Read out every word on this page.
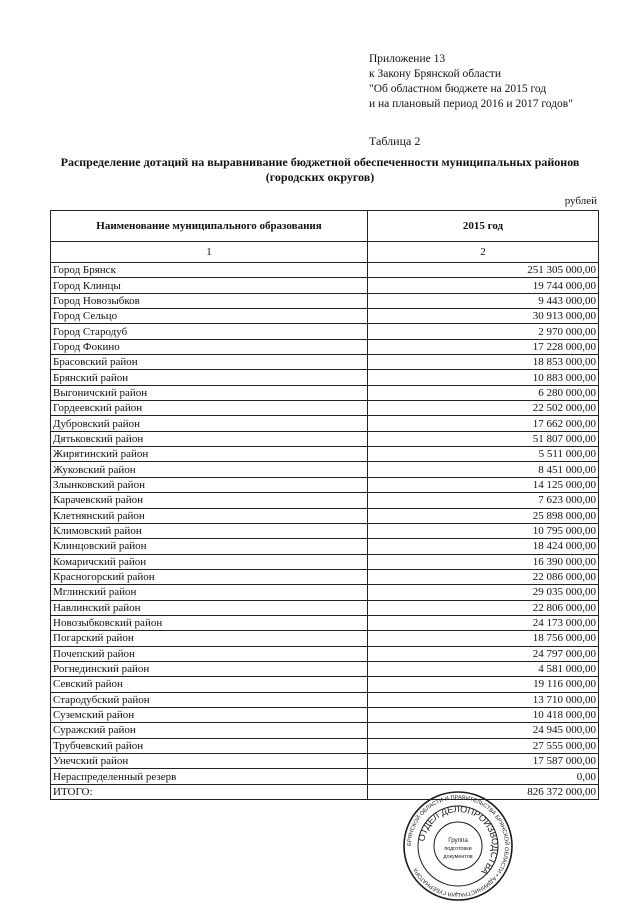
Приложение 13
к Закону Брянской области
"Об областном бюджете на 2015 год
и на плановый период 2016 и 2017 годов"
Таблица 2
Распределение дотаций на выравнивание бюджетной обеспеченности муниципальных районов
(городских округов)
рублей
Наименование муниципального образования	2015 год
1	2
Город Брянск	251 305 000,00
Город Клинцы	19 744 000,00
Город Новозыбков	9 443 000,00
Город Сельцо	30 913 000,00
Город Стародуб	2 970 000,00
Город Фокино	17 228 000,00
Брасовский район	18 853 000,00
Брянский район	10 883 000,00
Выгоничский район	6 280 000,00
Гордеевский район	22 502 000,00
Дубровский район	17 662 000,00
Дятьковский район	51 807 000,00
Жирятинский район	5 511 000,00
Жуковский район	8 451 000,00
Злынковский район	14 125 000,00
Карачевский район	7 623 000,00
Клетнянский район	25 898 000,00
Климовский район	10 795 000,00
Клинцовский район	18 424 000,00
Комаричский район	16 390 000,00
Красногорский район	22 086 000,00
Мглинский район	29 035 000,00
Навлинский район	22 806 000,00
Новозыбковский район	24 173 000,00
Погарский район	18 756 000,00
Почепский район	24 797 000,00
Рогнединский район	4 581 000,00
Севский район	19 116 000,00
Стародубский район	13 710 000,00
Суземский район	10 418 000,00
Суражский район	24 945 000,00
Трубчевский район	27 555 000,00
Унечский район	17 587 000,00
Нераспределенный резерв	0,00
ИТОГО:	826 372 000,00
БРЯНСКОЙ ОБЛАСТИ И ПРАВИТЕЛЬСТВА БРЯНСКОЙ ОБЛАСТИ • АДМИНИСТРАЦИЯ ГУБЕРНАТОРА
ОТДЕЛ ДЕЛОПРОИЗВОДСТВА
Группа
подготовки
документов
